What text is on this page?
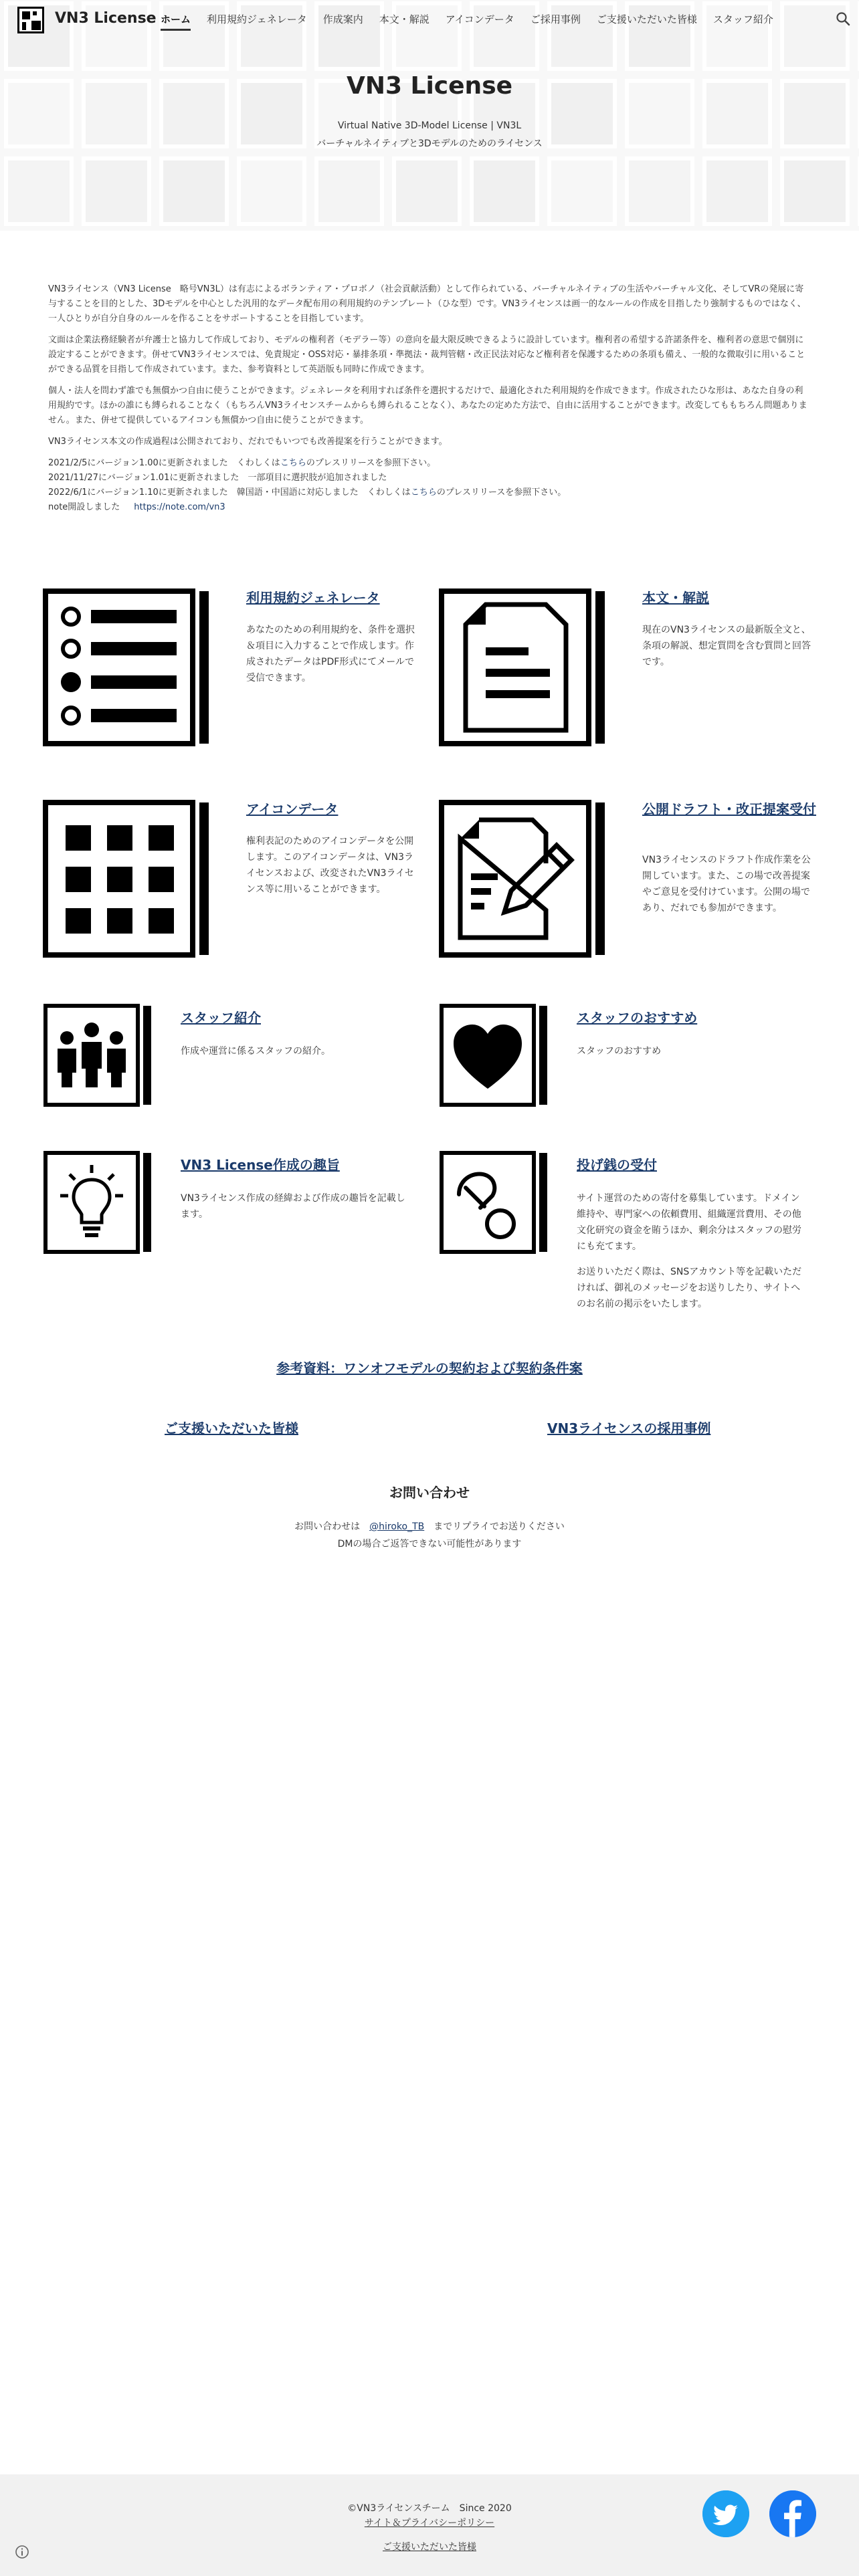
VN3 License
Virtual Native 3D-Model License | VN3L
バーチャルネイティブと3Dモデルのためのライセンス
VN3 License ホーム 利用規約ジェネレータ 作成案内 本文・解説 アイコンデータ ご採用事例 ご支援いただいた皆様 スタッフ紹介

VN3ライセンス（VN3 License　略号VN3L）は有志によるボランティア・プロボノ（社会貢献活動）として作られている、バーチャルネイティブの生活やバーチャル文化、そしてVRの発展に寄与することを目的とした、3Dモデルを中心とした汎用的なデータ配布用の利用規約のテンプレート（ひな型）です。VN3ライセンスは画一的なルールの作成を目指したり強制するものではなく、一人ひとりが自分自身のルールを作ることをサポートすることを目指しています。

文面は企業法務経験者が弁護士と協力して作成しており、モデルの権利者（モデラー等）の意向を最大限反映できるように設計しています。権利者の希望する許諾条件を、権利者の意思で個別に設定することができます。併せてVN3ライセンスでは、免責規定・OSS対応・暴排条項・準拠法・裁判管轄・改正民法対応など権利者を保護するための条項も備え、一般的な微取引に用いることができる品質を目指して作成されています。また、参考資料として英語版も同時に作成できます。

個人・法人を問わず誰でも無償かつ自由に使うことができます。ジェネレータを利用すれば条件を選択するだけで、最適化された利用規約を作成できます。作成されたひな形は、あなた自身の利用規約です。ほかの誰にも縛られることなく（もちろんVN3ライセンスチームからも縛られることなく）、あなたの定めた方法で、自由に活用することができます。改変してももちろん問題ありません。また、併せて提供しているアイコンも無償かつ自由に使うことができます。

VN3ライセンス本文の作成過程は公開されており、だれでもいつでも改善提案を行うことができます。

2021/2/5にバージョン1.00に更新されました　くわしくはこちらのプレスリリースを参照下さい。

2021/11/27にバージョン1.01に更新されました　一部項目に選択肢が追加されました

2022/6/1にバージョン1.10に更新されました　韓国語・中国語に対応しました　くわしくはこちらのプレスリリースを参照下さい。

note開設しました　https://note.com/vn3

利用規約ジェネレータ
あなたのための利用規約を、条件を選択＆項目に入力することで作成します。作成されたデータはPDF形式にてメールで受信できます。
本文・解説
現在のVN3ライセンスの最新版全文と、条項の解説、想定質問を含む質問と回答です。
アイコンデータ
権利表記のためのアイコンデータを公開します。このアイコンデータは、VN3ライセンスおよび、改変されたVN3ライセンス等に用いることができます。
公開ドラフト・改正提案受付
VN3ライセンスのドラフト作成作業を公開しています。また、この場で改善提案やご意見を受付けています。公開の場であり、だれでも参加ができます。
スタッフ紹介
作成や運営に係るスタッフの紹介。
スタッフのおすすめ
スタッフのおすすめ
VN3 License作成の趣旨
VN3ライセンス作成の経緯および作成の趣旨を記載します。
投げ銭の受付
サイト運営のための寄付を募集しています。ドメイン維持や、専門家への依頼費用、組織運営費用、その他文化研究の資金を賄うほか、剰余分はスタッフの慰労にも充てます。
お送りいただく際は、SNSアカウント等を記載いただければ、御礼のメッセージをお送りしたり、サイトへのお名前の掲示をいたします。
参考資料：ワンオフモデルの契約および契約条件案
ご支援いただいた皆様	VN3ライセンスの採用事例
お問い合わせ
お問い合わせは　@hiroko_TB　までリプライでお送りください
DMの場合ご返答できない可能性があります
©VN3ライセンスチーム　Since 2020
サイト＆プライバシーポリシー
ご支援いただいた皆様
